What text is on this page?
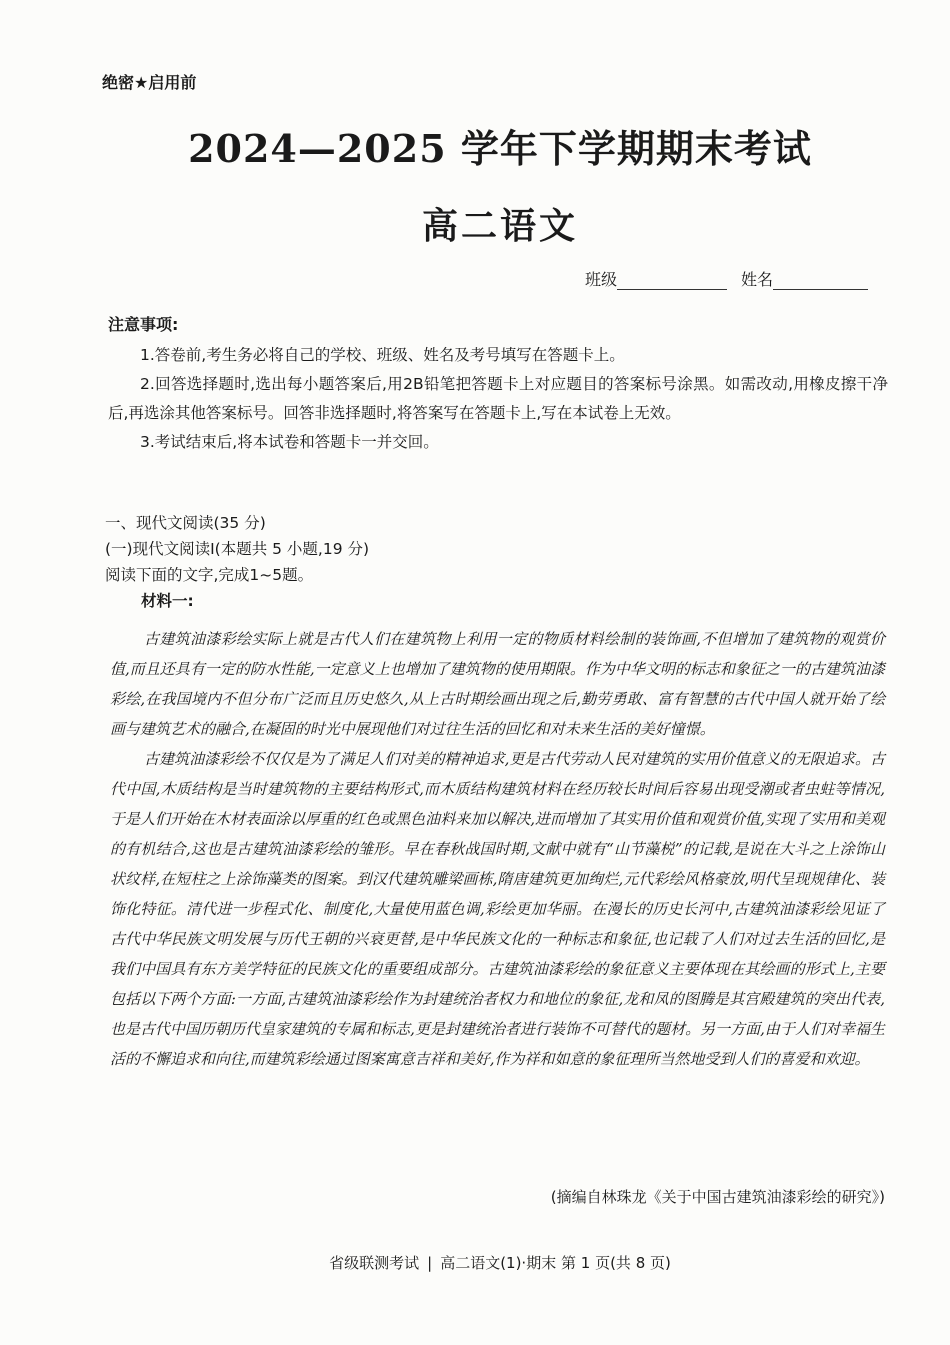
绝密★启用前
2024—2025 学年下学期期末考试
高二语文
班级	姓名
注意事项:

1.答卷前,考生务必将自己的学校、班级、姓名及考号填写在答题卡上。

2.回答选择题时,选出每小题答案后,用2B铅笔把答题卡上对应题目的答案标号涂黑。如需改动,用橡皮擦干净后,再选涂其他答案标号。回答非选择题时,将答案写在答题卡上,写在本试卷上无效。

3.考试结束后,将本试卷和答题卡一并交回。

一、现代文阅读(35 分)
(一)现代文阅读Ⅰ(本题共 5 小题,19 分)
阅读下面的文字,完成1~5题。
材料一:

古建筑油漆彩绘实际上就是古代人们在建筑物上利用一定的物质材料绘制的装饰画,不但增加了建筑物的观赏价值,而且还具有一定的防水性能,一定意义上也增加了建筑物的使用期限。作为中华文明的标志和象征之一的古建筑油漆彩绘,在我国境内不但分布广泛而且历史悠久,从上古时期绘画出现之后,勤劳勇敢、富有智慧的古代中国人就开始了绘画与建筑艺术的融合,在凝固的时光中展现他们对过往生活的回忆和对未来生活的美好憧憬。

古建筑油漆彩绘不仅仅是为了满足人们对美的精神追求,更是古代劳动人民对建筑的实用价值意义的无限追求。古代中国,木质结构是当时建筑物的主要结构形式,而木质结构建筑材料在经历较长时间后容易出现受潮或者虫蛀等情况,于是人们开始在木材表面涂以厚重的红色或黑色油料来加以解决,进而增加了其实用价值和观赏价值,实现了实用和美观的有机结合,这也是古建筑油漆彩绘的雏形。早在春秋战国时期,文献中就有“山节藻棁”的记载,是说在大斗之上涂饰山状纹样,在短柱之上涂饰藻类的图案。到汉代建筑雕梁画栋,隋唐建筑更加绚烂,元代彩绘风格豪放,明代呈现规律化、装饰化特征。清代进一步程式化、制度化,大量使用蓝色调,彩绘更加华丽。在漫长的历史长河中,古建筑油漆彩绘见证了古代中华民族文明发展与历代王朝的兴衰更替,是中华民族文化的一种标志和象征,也记载了人们对过去生活的回忆,是我们中国具有东方美学特征的民族文化的重要组成部分。古建筑油漆彩绘的象征意义主要体现在其绘画的形式上,主要包括以下两个方面:一方面,古建筑油漆彩绘作为封建统治者权力和地位的象征,龙和凤的图腾是其宫殿建筑的突出代表,也是古代中国历朝历代皇家建筑的专属和标志,更是封建统治者进行装饰不可替代的题材。另一方面,由于人们对幸福生活的不懈追求和向往,而建筑彩绘通过图案寓意吉祥和美好,作为祥和如意的象征理所当然地受到人们的喜爱和欢迎。

(摘编自林珠龙《关于中国古建筑油漆彩绘的研究》)
省级联测考试 | 高二语文(1)·期末 第 1 页(共 8 页)
